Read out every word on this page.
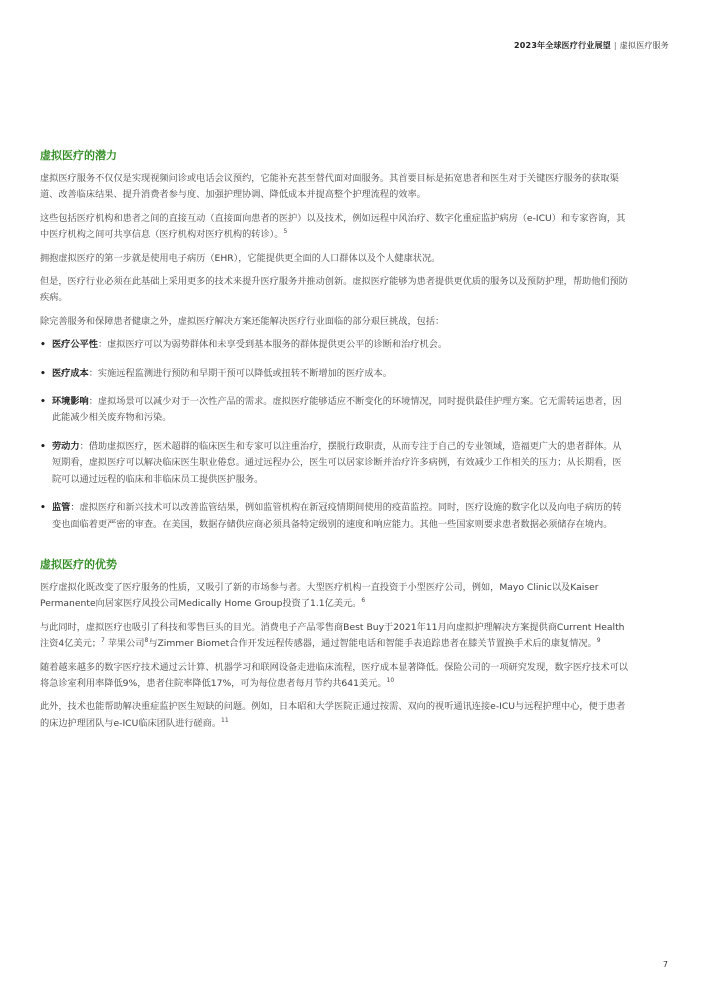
2023年全球医疗行业展望 | 虚拟医疗服务
虚拟医疗的潜力

虚拟医疗服务不仅仅是实现视频问诊或电话会议预约，它能补充甚至替代面对面服务。其首要目标是拓宽患者和医生对于关键医疗服务的获取渠道、改善临床结果、提升消费者参与度、加强护理协调、降低成本并提高整个护理流程的效率。

这些包括医疗机构和患者之间的直接互动（直接面向患者的医护）以及技术，例如远程中风治疗、数字化重症监护病房（e-ICU）和专家咨询，其中医疗机构之间可共享信息（医疗机构对医疗机构的转诊）。$^5$

拥抱虚拟医疗的第一步就是使用电子病历（EHR），它能提供更全面的人口群体以及个人健康状况。

但是，医疗行业必须在此基础上采用更多的技术来提升医疗服务并推动创新。虚拟医疗能够为患者提供更优质的服务以及预防护理，帮助他们预防疾病。

除完善服务和保障患者健康之外，虚拟医疗解决方案还能解决医疗行业面临的部分艰巨挑战，包括：

• 医疗公平性：虚拟医疗可以为弱势群体和未享受到基本服务的群体提供更公平的诊断和治疗机会。
• 医疗成本：实施远程监测进行预防和早期干预可以降低或扭转不断增加的医疗成本。
• 环境影响：虚拟场景可以减少对于一次性产品的需求。虚拟医疗能够适应不断变化的环境情况，同时提供最佳护理方案。它无需转运患者，因此能减少相关废弃物和污染。
• 劳动力：借助虚拟医疗，医术超群的临床医生和专家可以注重治疗，摆脱行政职责，从而专注于自己的专业领域，造福更广大的患者群体。从短期看，虚拟医疗可以解决临床医生职业倦怠。通过远程办公，医生可以居家诊断并治疗许多病例，有效减少工作相关的压力；从长期看，医院可以通过远程的临床和非临床员工提供医护服务。
• 监管：虚拟医疗和新兴技术可以改善监管结果，例如监管机构在新冠疫情期间使用的疫苗监控。同时，医疗设施的数字化以及向电子病历的转变也面临着更严密的审查。在美国，数据存储供应商必须具备特定级别的速度和响应能力。其他一些国家则要求患者数据必须储存在境内。
虚拟医疗的优势

医疗虚拟化既改变了医疗服务的性质，又吸引了新的市场参与者。大型医疗机构一直投资于小型医疗公司，例如，Mayo Clinic以及Kaiser Permanente向居家医疗风投公司Medically Home Group投资了1.1亿美元。$^6$

与此同时，虚拟医疗也吸引了科技和零售巨头的目光。消费电子产品零售商Best Buy于2021年11月向虚拟护理解决方案提供商Current Health注资4亿美元；$^7$ 苹果公司$^8$与Zimmer Biomet合作开发远程传感器，通过智能电话和智能手表追踪患者在膝关节置换手术后的康复情况。$^9$

随着越来越多的数字医疗技术通过云计算、机器学习和联网设备走进临床流程，医疗成本显著降低。保险公司的一项研究发现，数字医疗技术可以将急诊室利用率降低9%，患者住院率降低17%，可为每位患者每月节约共641美元。$^{10}$

此外，技术也能帮助解决重症监护医生短缺的问题。例如，日本昭和大学医院正通过按需、双向的视听通讯连接e-ICU与远程护理中心，便于患者的床边护理团队与e-ICU临床团队进行磋商。$^{11}$

7
